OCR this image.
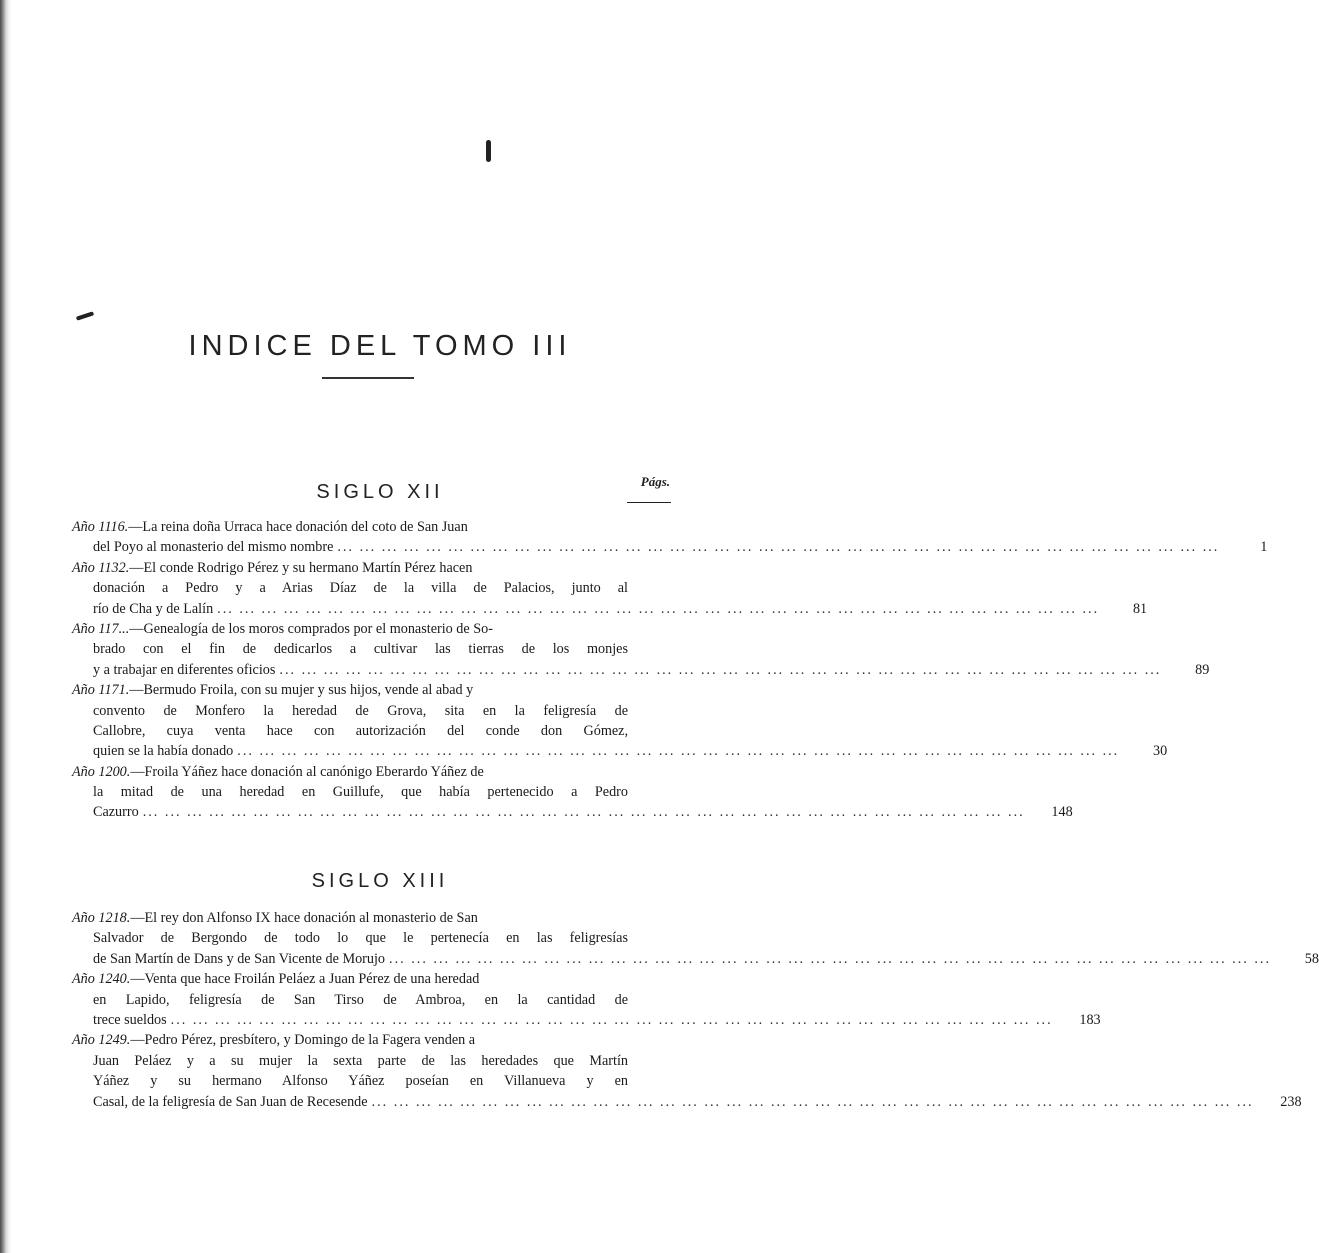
INDICE DEL TOMO III
SIGLO XII	Págs.
Año 1116. —La reina doña Urraca hace donación del coto de San Juan
del Poyo al monasterio del mismo nombre ... ... ... ... ... ... ... ... ... ... ... ... ... ... ... ... ... ... ... ... ... ... ... ... ... ... ... ... ... ... ... ... ... ... ... ... ... ... ... ...	1
Año 1132. —El conde Rodrigo Pérez y su hermano Martín Pérez hacen
donación a Pedro y a Arias Díaz de la villa de Palacios, junto al
río de Cha y de Lalín ... ... ... ... ... ... ... ... ... ... ... ... ... ... ... ... ... ... ... ... ... ... ... ... ... ... ... ... ... ... ... ... ... ... ... ... ... ... ... ...	81
Año 117... —Genealogía de los moros comprados por el monasterio de So-
brado con el fin de dedicarlos a cultivar las tierras de los monjes
y a trabajar en diferentes oficios ... ... ... ... ... ... ... ... ... ... ... ... ... ... ... ... ... ... ... ... ... ... ... ... ... ... ... ... ... ... ... ... ... ... ... ... ... ... ... ...	89
Año 1171. —Bermudo Froila, con su mujer y sus hijos, vende al abad y
convento de Monfero la heredad de Grova, sita en la feligresía de
Callobre, cuya venta hace con autorización del conde don Gómez,
quien se la había donado ... ... ... ... ... ... ... ... ... ... ... ... ... ... ... ... ... ... ... ... ... ... ... ... ... ... ... ... ... ... ... ... ... ... ... ... ... ... ... ...	30
Año 1200. —Froila Yáñez hace donación al canónigo Eberardo Yáñez de
la mitad de una heredad en Guillufe, que había pertenecido a Pedro
Cazurro ... ... ... ... ... ... ... ... ... ... ... ... ... ... ... ... ... ... ... ... ... ... ... ... ... ... ... ... ... ... ... ... ... ... ... ... ... ... ... ...	148
SIGLO XIII
Año 1218. —El rey don Alfonso IX hace donación al monasterio de San
Salvador de Bergondo de todo lo que le pertenecía en las feligresías
de San Martín de Dans y de San Vicente de Morujo ... ... ... ... ... ... ... ... ... ... ... ... ... ... ... ... ... ... ... ... ... ... ... ... ... ... ... ... ... ... ... ... ... ... ... ... ... ... ... ...	58
Año 1240. —Venta que hace Froilán Peláez a Juan Pérez de una heredad
en Lapido, feligresía de San Tirso de Ambroa, en la cantidad de
trece sueldos ... ... ... ... ... ... ... ... ... ... ... ... ... ... ... ... ... ... ... ... ... ... ... ... ... ... ... ... ... ... ... ... ... ... ... ... ... ... ... ...	183
Año 1249. —Pedro Pérez, presbítero, y Domingo de la Fagera venden a
Juan Peláez y a su mujer la sexta parte de las heredades que Martín
Yáñez y su hermano Alfonso Yáñez poseían en Villanueva y en
Casal, de la feligresía de San Juan de Recesende ... ... ... ... ... ... ... ... ... ... ... ... ... ... ... ... ... ... ... ... ... ... ... ... ... ... ... ... ... ... ... ... ... ... ... ... ... ... ... ...	238
